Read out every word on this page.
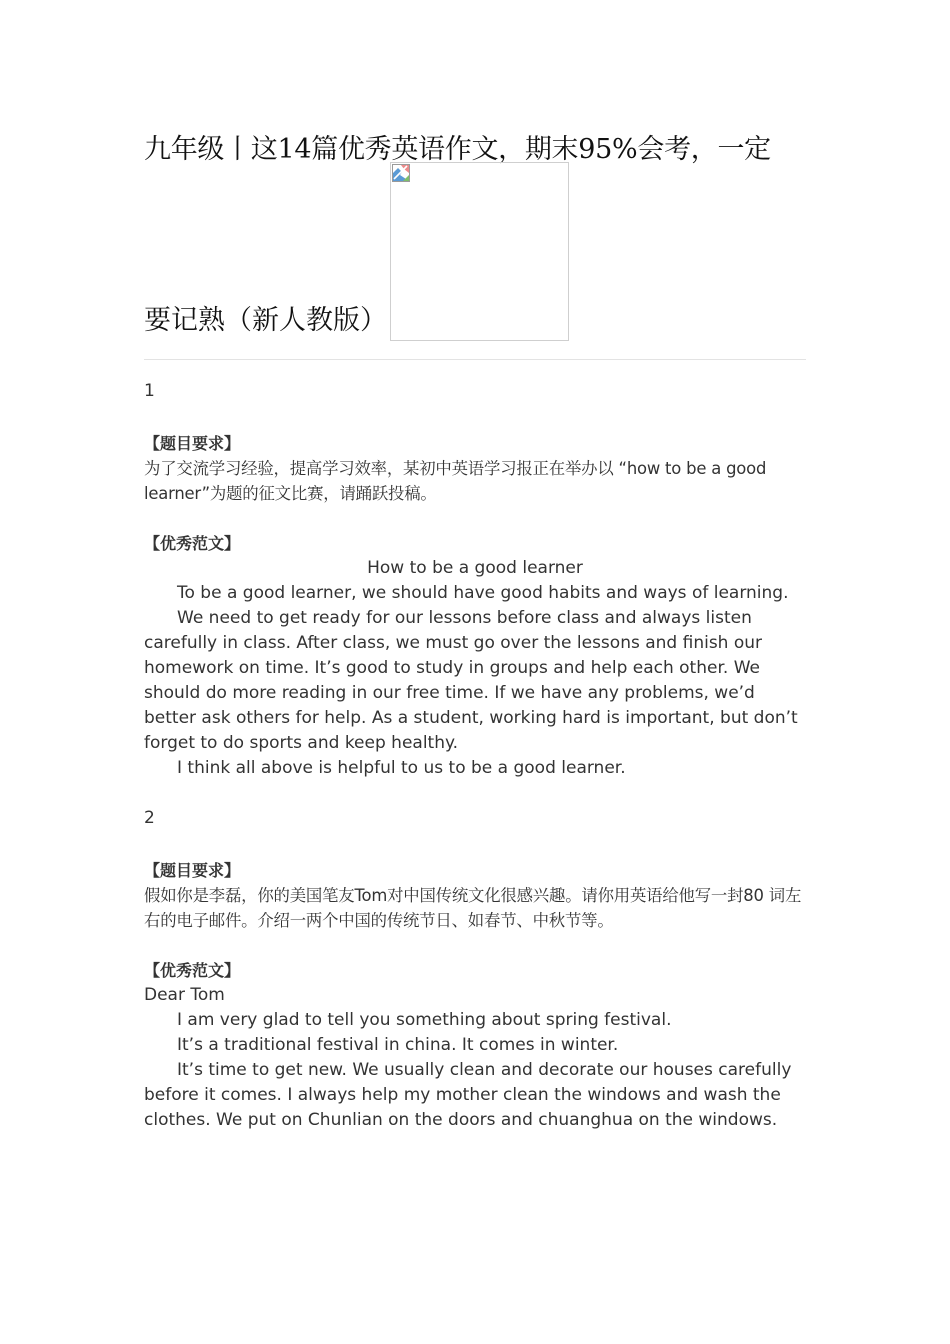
九年级丨这14篇优秀英语作文，期末95%会考，一定
要记熟（新人教版）
1
【题目要求】

为了交流学习经验，提高学习效率，某初中英语学习报正在举办以 “how to be a good learner”为题的征文比赛，请踊跃投稿。

【优秀范文】

How to be a good learner

To be a good learner, we should have good habits and ways of learning.

We need to get ready for our lessons before class and always listen carefully in class. After class, we must go over the lessons and finish our homework on time. It’s good to study in groups and help each other. We should do more reading in our free time. If we have any problems, we’d better ask others for help. As a student, working hard is important, but don’t forget to do sports and keep healthy.

I think all above is helpful to us to be a good learner.

2
【题目要求】

假如你是李磊，你的美国笔友Tom对中国传统文化很感兴趣。请你用英语给他写一封80 词左右的电子邮件。介绍一两个中国的传统节日、如春节、中秋节等。

【优秀范文】

Dear Tom

I am very glad to tell you something about spring festival.

It’s a traditional festival in china. It comes in winter.

It’s time to get new. We usually clean and decorate our houses carefully before it comes. I always help my mother clean the windows and wash the clothes. We put on Chunlian on the doors and chuanghua on the windows.
